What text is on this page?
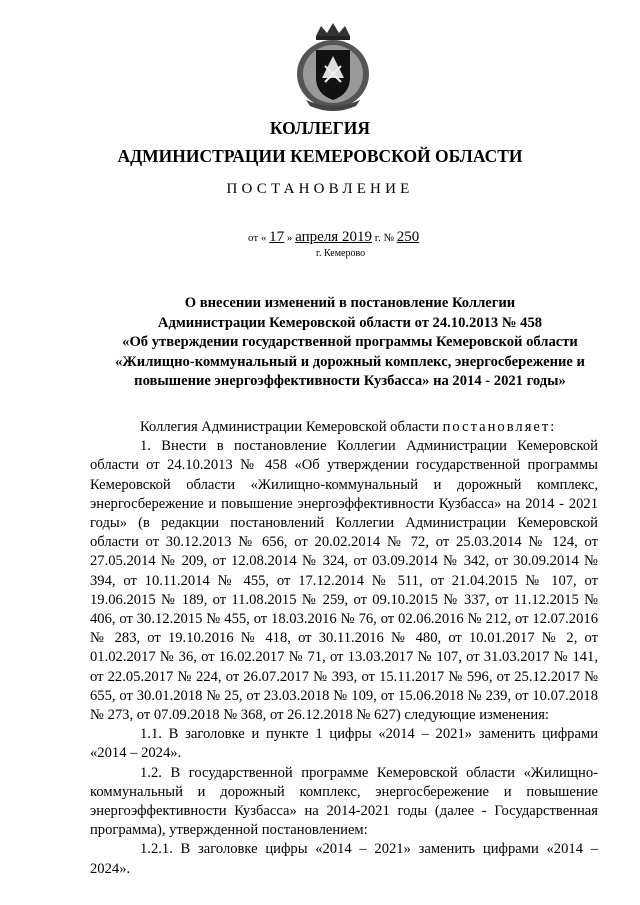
КОЛЛЕГИЯ
АДМИНИСТРАЦИИ КЕМЕРОВСКОЙ ОБЛАСТИ
ПОСТАНОВЛЕНИЕ
от « 17 » апреля 2019 г. № 250
г. Кемерово
О внесении изменений в постановление Коллегии
Администрации Кемеровской области от 24.10.2013 № 458
«Об утверждении государственной программы Кемеровской области
«Жилищно-коммунальный и дорожный комплекс, энергосбережение и
повышение энергоэффективности Кузбасса» на 2014 - 2021 годы»

Коллегия Администрации Кемеровской области постановляет:

1. Внести в постановление Коллегии Администрации Кемеровской области от 24.10.2013 № 458 «Об утверждении государственной программы Кемеровской области «Жилищно-коммунальный и дорожный комплекс, энергосбережение и повышение энергоэффективности Кузбасса» на 2014 - 2021 годы» (в редакции постановлений Коллегии Администрации Кемеровской области от 30.12.2013 № 656, от 20.02.2014 № 72, от 25.03.2014 № 124, от 27.05.2014 № 209, от 12.08.2014 № 324, от 03.09.2014 № 342, от 30.09.2014 № 394, от 10.11.2014 № 455, от 17.12.2014 № 511, от 21.04.2015 № 107, от 19.06.2015 № 189, от 11.08.2015 № 259, от 09.10.2015 № 337, от 11.12.2015 № 406, от 30.12.2015 № 455, от 18.03.2016 № 76, от 02.06.2016 № 212, от 12.07.2016 № 283, от 19.10.2016 № 418, от 30.11.2016 № 480, от 10.01.2017 № 2, от 01.02.2017 № 36, от 16.02.2017 № 71, от 13.03.2017 № 107, от 31.03.2017 № 141, от 22.05.2017 № 224, от 26.07.2017 № 393, от 15.11.2017 № 596, от 25.12.2017 № 655, от 30.01.2018 № 25, от 23.03.2018 № 109, от 15.06.2018 № 239, от 10.07.2018 № 273, от 07.09.2018 № 368, от 26.12.2018 № 627) следующие изменения:

1.1. В заголовке и пункте 1 цифры «2014 – 2021» заменить цифрами «2014 – 2024».

1.2. В государственной программе Кемеровской области «Жилищно-коммунальный и дорожный комплекс, энергосбережение и повышение энергоэффективности Кузбасса» на 2014-2021 годы (далее - Государственная программа), утвержденной постановлением:

1.2.1. В заголовке цифры «2014 – 2021» заменить цифрами «2014 – 2024».
